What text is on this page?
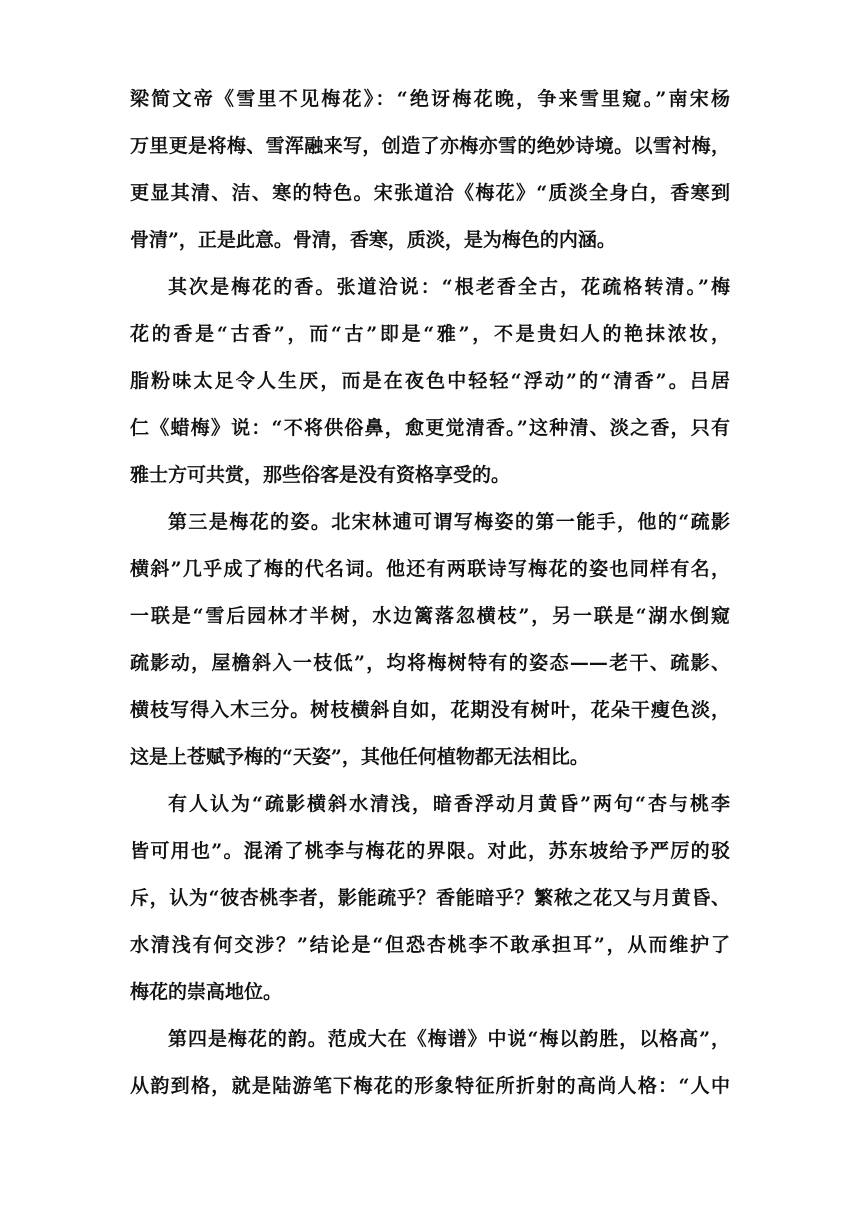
梁简文帝《雪里不见梅花》：“绝讶梅花晚，争来雪里窥。”南宋杨
万里更是将梅、雪浑融来写，创造了亦梅亦雪的绝妙诗境。以雪衬梅，
更显其清、洁、寒的特色。宋张道洽《梅花》“质淡全身白，香寒到
骨清”，正是此意。骨清，香寒，质淡，是为梅色的内涵。
其次是梅花的香。张道洽说：“根老香全古，花疏格转清。”梅
花的香是“古香”，而“古”即是“雅”，不是贵妇人的艳抹浓妆，
脂粉味太足令人生厌，而是在夜色中轻轻“浮动”的“清香”。吕居
仁《蜡梅》说：“不将供俗鼻，愈更觉清香。”这种清、淡之香，只有
雅士方可共赏，那些俗客是没有资格享受的。
第三是梅花的姿。北宋林逋可谓写梅姿的第一能手，他的“疏影
横斜”几乎成了梅的代名词。他还有两联诗写梅花的姿也同样有名，
一联是“雪后园林才半树，水边篱落忽横枝”，另一联是“湖水倒窥
疏影动，屋檐斜入一枝低”，均将梅树特有的姿态——老干、疏影、
横枝写得入木三分。树枝横斜自如，花期没有树叶，花朵干瘦色淡，
这是上苍赋予梅的“天姿”，其他任何植物都无法相比。
有人认为“疏影横斜水清浅，暗香浮动月黄昏”两句“杏与桃李
皆可用也”。混淆了桃李与梅花的界限。对此，苏东坡给予严厉的驳
斥，认为“彼杏桃李者，影能疏乎？香能暗乎？繁秾之花又与月黄昏、
水清浅有何交涉？”结论是“但恐杏桃李不敢承担耳”，从而维护了
梅花的崇高地位。
第四是梅花的韵。范成大在《梅谱》中说“梅以韵胜，以格高”，
从韵到格，就是陆游笔下梅花的形象特征所折射的高尚人格：“人中
